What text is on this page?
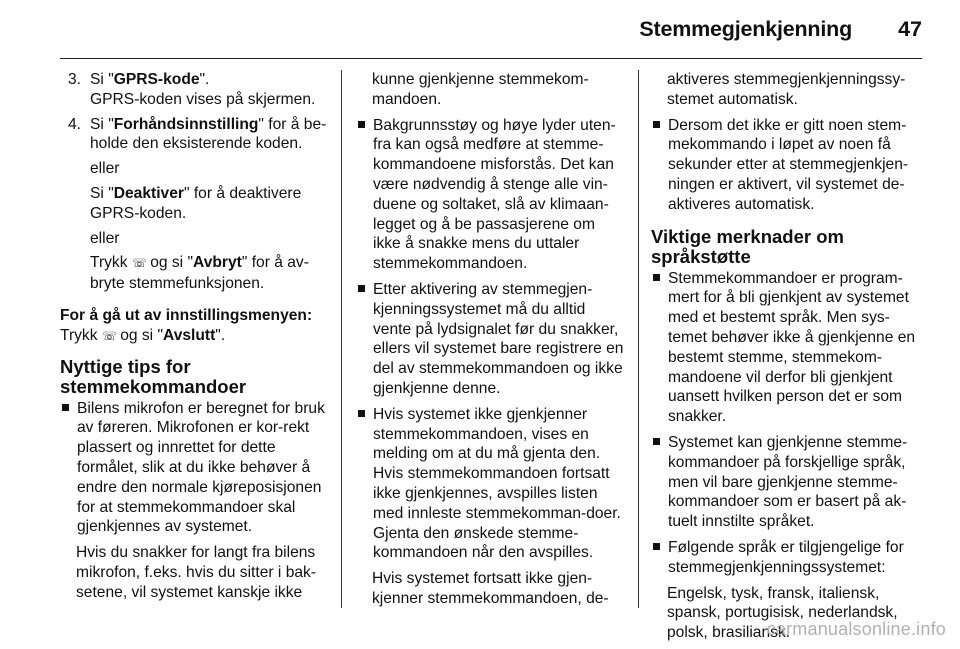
Stemmegjenkjenning 47
3. Si "GPRS-kode".
GPRS-koden vises på skjermen.
4. Si "Forhåndsinnstilling" for å be-holde den eksisterende koden.
eller
Si "Deaktiver" for å deaktivere GPRS-koden.
eller
Trykk ☏ og si "Avbryt" for å av-bryte stemmefunksjonen.
For å gå ut av innstillingsmenyen:
Trykk ☏ og si "Avslutt".
Nyttige tips for
stemmekommandoer
Bilens mikrofon er beregnet for bruk av føreren. Mikrofonen er kor-rekt plassert og innrettet for dette formålet, slik at du ikke behøver å endre den normale kjøreposisjonen for at stemmekommandoer skal gjenkjennes av systemet.
Hvis du snakker for langt fra bilens mikrofon, f.eks. hvis du sitter i bak-setene, vil systemet kanskje ikke
kunne gjenkjenne stemmekom-mandoen.
Bakgrunnsstøy og høye lyder uten-fra kan også medføre at stemme-kommandoene misforstås. Det kan være nødvendig å stenge alle vin-duene og soltaket, slå av klimaan-legget og å be passasjerene om ikke å snakke mens du uttaler stemmekommandoen.
Etter aktivering av stemmegjen-kjenningssystemet må du alltid vente på lydsignalet før du snakker, ellers vil systemet bare registrere en del av stemmekommandoen og ikke gjenkjenne denne.
Hvis systemet ikke gjenkjenner stemmekommandoen, vises en melding om at du må gjenta den. Hvis stemmekommandoen fortsatt ikke gjenkjennes, avspilles listen med innleste stemmekomman-doer. Gjenta den ønskede stemme-kommandoen når den avspilles.
Hvis systemet fortsatt ikke gjen-kjenner stemmekommandoen, de-
aktiveres stemmegjenkjenningssy-stemet automatisk.
Dersom det ikke er gitt noen stem-mekommando i løpet av noen få sekunder etter at stemmegjenkjen-ningen er aktivert, vil systemet de-aktiveres automatisk.
Viktige merknader om
språkstøtte
Stemmekommandoer er program-mert for å bli gjenkjent av systemet med et bestemt språk. Men sys-temet behøver ikke å gjenkjenne en bestemt stemme, stemmekom-mandoene vil derfor bli gjenkjent uansett hvilken person det er som snakker.
Systemet kan gjenkjenne stemme-kommandoer på forskjellige språk, men vil bare gjenkjenne stemme-kommandoer som er basert på ak-tuelt innstilte språket.
Følgende språk er tilgjengelige for stemmegjenkjenningssystemet:
Engelsk, tysk, fransk, italiensk, spansk, portugisisk, nederlandsk, polsk, brasiliansk.
carmanualsonline.info
